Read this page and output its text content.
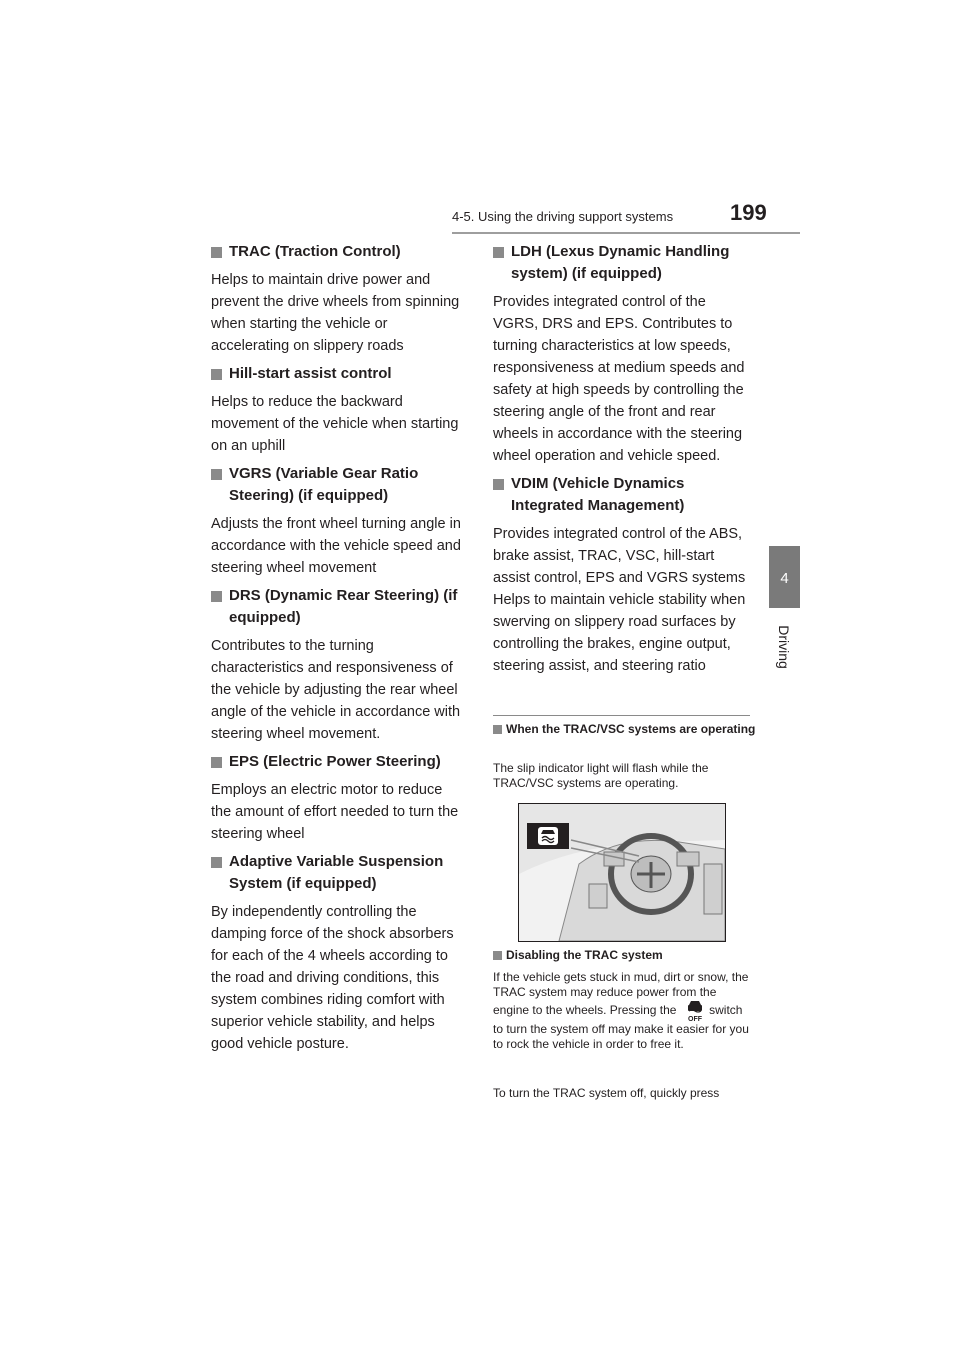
4-5. Using the driving support systems	199
4
Driving
TRAC (Traction Control)
Helps to maintain drive power and prevent the drive wheels from spinning when starting the vehicle or accelerating on slippery roads
Hill-start assist control
Helps to reduce the backward movement of the vehicle when starting on an uphill
VGRS (Variable Gear Ratio Steering) (if equipped)
Adjusts the front wheel turning angle in accordance with the vehicle speed and steering wheel movement
DRS (Dynamic Rear Steering) (if equipped)
Contributes to the turning characteristics and responsiveness of the vehicle by adjusting the rear wheel angle of the vehicle in accordance with steering wheel movement.
EPS (Electric Power Steering)
Employs an electric motor to reduce the amount of effort needed to turn the steering wheel
Adaptive Variable Suspension System (if equipped)
By independently controlling the damping force of the shock absorbers for each of the 4 wheels according to the road and driving conditions, this system combines riding comfort with superior vehicle stability, and helps good vehicle posture.
LDH (Lexus Dynamic Handling system) (if equipped)
Provides integrated control of the VGRS, DRS and EPS. Contributes to turning characteristics at low speeds, responsiveness at medium speeds and safety at high speeds by controlling the steering angle of the front and rear wheels in accordance with the steering wheel operation and vehicle speed.
VDIM (Vehicle Dynamics Integrated Management)
Provides integrated control of the ABS, brake assist, TRAC, VSC, hill-start assist control, EPS and VGRS systems
Helps to maintain vehicle stability when swerving on slippery road surfaces by controlling the brakes, engine output, steering assist, and steering ratio
When the TRAC/VSC systems are operating
The slip indicator light will flash while the TRAC/VSC systems are operating.
Disabling the TRAC system
If the vehicle gets stuck in mud, dirt or snow, the TRAC system may reduce power from the engine to the wheels. Pressing the
OFF
switch to turn the system off may make it easier for you to rock the vehicle in order to free it.
To turn the TRAC system off, quickly press
